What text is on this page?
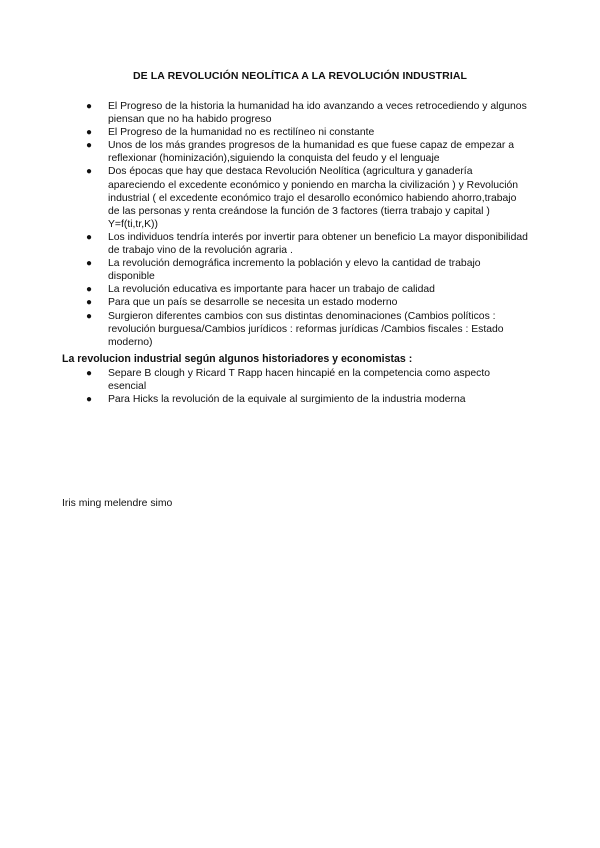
DE LA REVOLUCIÓN NEOLÍTICA A LA REVOLUCIÓN INDUSTRIAL
● El Progreso de la historia la humanidad ha ido avanzando a veces retrocediendo y algunos piensan que no ha habido progreso
● El Progreso de la humanidad no es rectilíneo ni constante
● Unos de los más grandes progresos de la humanidad es que fuese capaz de empezar a reflexionar (hominización),siguiendo la conquista del feudo y el lenguaje
● Dos épocas que hay que destaca Revolución Neolítica (agricultura y ganadería apareciendo el excedente económico y poniendo en marcha la civilización ) y Revolución industrial ( el excedente económico trajo el desarollo económico habiendo ahorro,trabajo de las personas y renta creándose la función de 3 factores (tierra trabajo y capital ) Y=f(ti,tr,K))
● Los individuos tendría interés por invertir para obtener un beneficio La mayor disponibilidad de trabajo vino de la revolución agraria .
● La revolución demográfica incremento la población y elevo la cantidad de trabajo disponible
● La revolución educativa es importante para hacer un trabajo de calidad
● Para que un país se desarrolle se necesita un estado moderno
● Surgieron diferentes cambios con sus distintas denominaciones (Cambios políticos : revolución burguesa/Cambios jurídicos : reformas jurídicas /Cambios fiscales : Estado moderno)
La revolucion industrial según algunos historiadores y economistas :
● Separe B clough y Ricard T Rapp hacen hincapié en la competencia como aspecto esencial
● Para Hicks la revolución de la equivale al surgimiento de la industria moderna
Iris ming melendre simo
